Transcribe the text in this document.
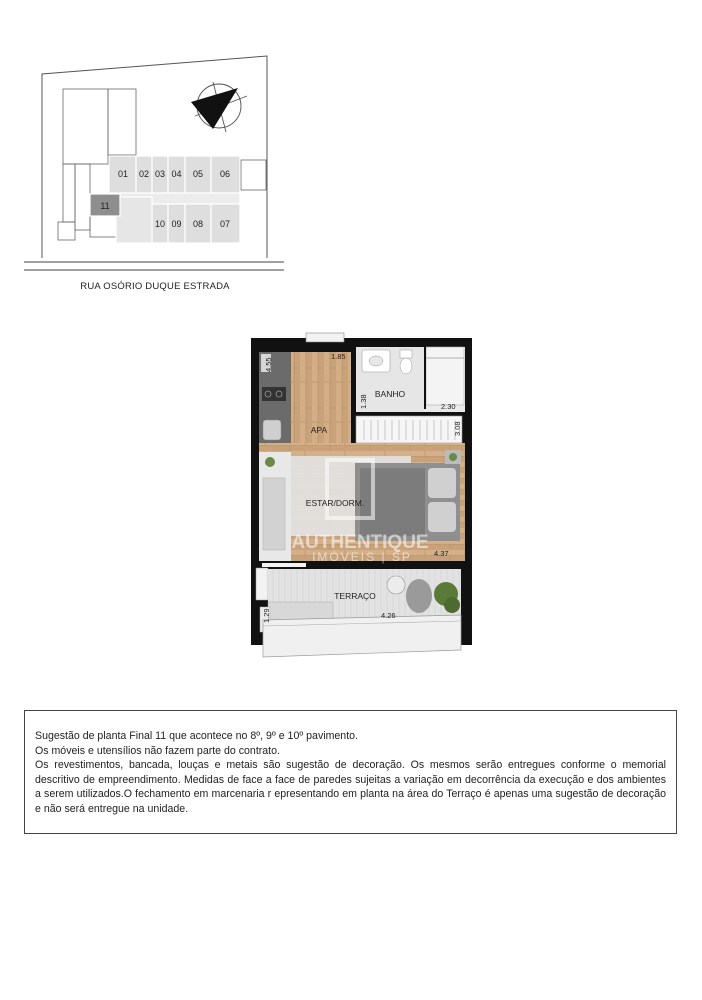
01 02 03 04 05 06
07
08
09
10
11
RUA OSÓRIO DUQUE ESTRADA
AUTHENTIQUE
IMÓVEIS | SP
APA
BANHO
ESTAR/DORM.
TERRAÇO
4.55
1.85
1.38	2.30
3.08
4.37
4.26
1.29

Sugestão de planta Final 11 que acontece no 8º, 9º e 10º pavimento.

Os móveis e utensílios não fazem parte do contrato.

Os revestimentos, bancada, louças e metais são sugestão de decoração. Os mesmos serão entregues conforme o memorial descritivo de empreendimento. Medidas de face a face de paredes sujeitas a variação em decorrência da execução e dos ambientes a serem utilizados.O fechamento em marcenaria r epresentando em planta na área do Terraço é apenas uma sugestão de decoração e não será entregue na unidade.
